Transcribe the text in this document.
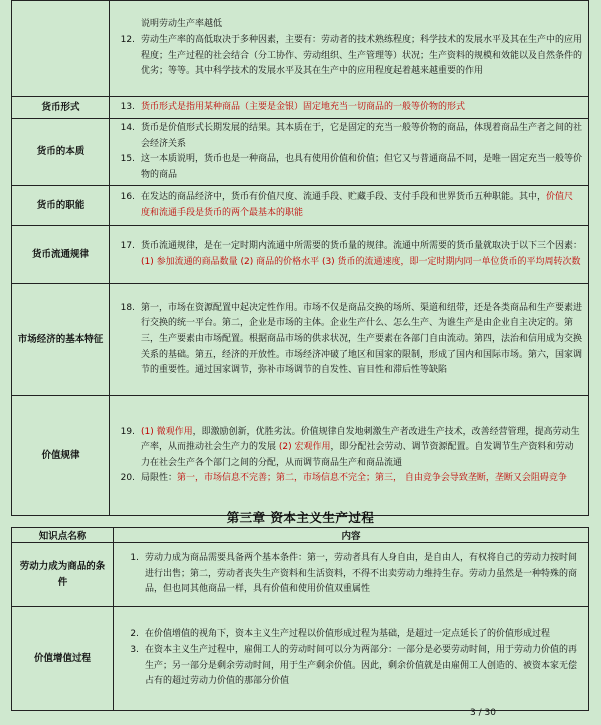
	说明劳动生产率越低
12. 劳动生产率的高低取决于多种因素，主要有：劳动者的技术熟练程度；科学技术的发展水平及其在生产中的应用程度；生产过程的社会结合（分工协作、劳动组织、生产管理等）状况；生产资料的规模和效能以及自然条件的优劣；等等。其中科学技术的发展水平及其在生产中的应用程度起着越来越重要的作用

货币形式	13. 货币形式是指用某种商品（主要是金银）固定地充当一切商品的一般等价物的形式

货币的本质	14. 货币是价值形式长期发展的结果。其本质在于，它是固定的充当一般等价物的商品，体现着商品生产者之间的社会经济关系
15. 这一本质说明，货币也是一种商品，也具有使用价值和价值；但它又与普通商品不同，是唯一固定充当一般等价物的商品

货币的职能	16. 在发达的商品经济中，货币有价值尺度、流通手段、贮藏手段、支付手段和世界货币五种职能。其中，价值尺度和流通手段是货币的两个最基本的职能

货币流通规律	17. 货币流通规律，是在一定时期内流通中所需要的货币量的规律。流通中所需要的货币量就取决于以下三个因素：(1) 参加流通的商品数量 (2) 商品的价格水平 (3) 货币的流通速度，即一定时期内同一单位货币的平均周转次数

市场经济的基本特征	18. 第一，市场在资源配置中起决定性作用。市场不仅是商品交换的场所、渠道和纽带，还是各类商品和生产要素进行交换的统一平台。第二，企业是市场的主体。企业生产什么、怎么生产、为谁生产是由企业自主决定的。第三，生产要素由市场配置。根据商品市场的供求状况，生产要素在各部门自由流动。第四，法治和信用成为交换关系的基础。第五，经济的开放性。市场经济冲破了地区和国家的限制，形成了国内和国际市场。第六，国家调节的重要性。通过国家调节，弥补市场调节的自发性、盲目性和滞后性等缺陷

价值规律	19. (1) 微观作用，即激励创新，优胜劣汰。价值规律自发地刺激生产者改进生产技术，改善经营管理，提高劳动生产率，从而推动社会生产力的发展 (2) 宏观作用，即分配社会劳动、调节资源配置。自发调节生产资料和劳动力在社会生产各个部门之间的分配，从而调节商品生产和商品流通
20. 局限性：第一，市场信息不完善；第二，市场信息不完全；第三， 自由竞争会导致垄断，垄断又会阻碍竞争
第三章 资本主义生产过程
知识点名称	内容
劳动力成为商品的条件	1. 劳动力成为商品需要具备两个基本条件：第一，劳动者具有人身自由，是自由人，有权将自己的劳动力按时间进行出售；第二，劳动者丧失生产资料和生活资料，不得不出卖劳动力维持生存。劳动力虽然是一种特殊的商品，但也同其他商品一样，具有价值和使用价值双重属性

价值增值过程	2. 在价值增值的视角下，资本主义生产过程以价值形成过程为基础，是超过一定点延长了的价值形成过程
3. 在资本主义生产过程中，雇佣工人的劳动时间可以分为两部分：一部分是必要劳动时间，用于劳动力价值的再生产；另一部分是剩余劳动时间，用于生产剩余价值。因此，剩余价值就是由雇佣工人创造的、被资本家无偿占有的超过劳动力价值的那部分价值
3 / 30
